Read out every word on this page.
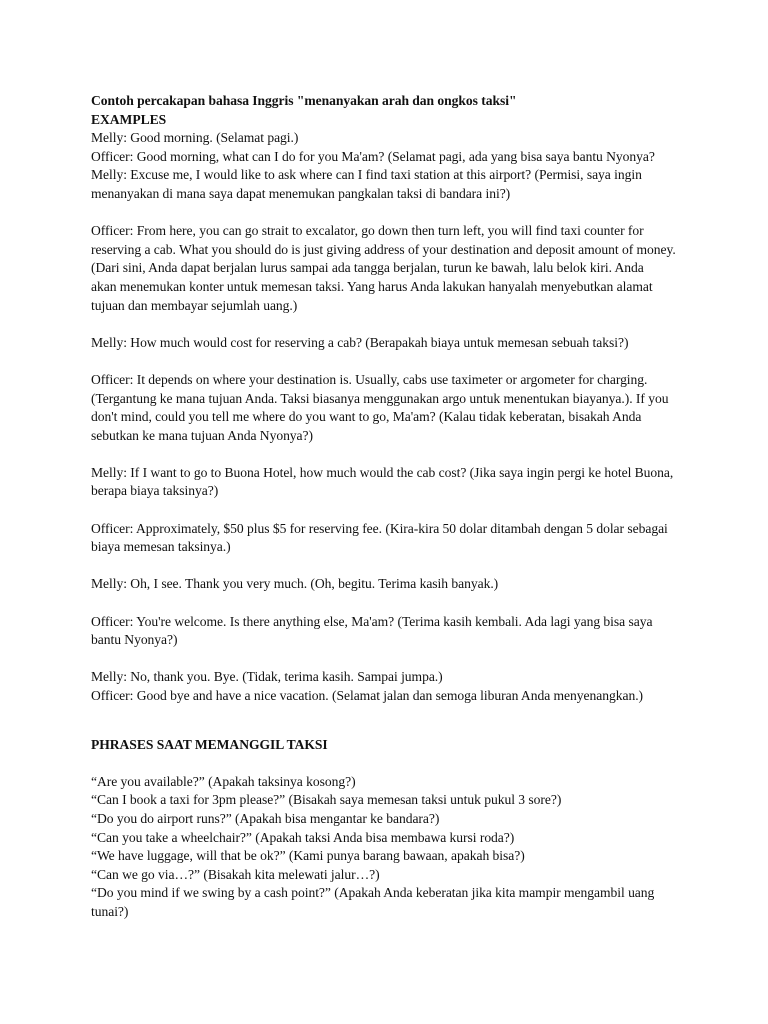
Contoh percakapan bahasa Inggris "menanyakan arah dan ongkos taksi"
EXAMPLES
Melly: Good morning. (Selamat pagi.)
Officer: Good morning, what can I do for you Ma'am? (Selamat pagi, ada yang bisa saya bantu Nyonya?
Melly: Excuse me, I would like to ask where can I find taxi station at this airport? (Permisi, saya ingin
menanyakan di mana saya dapat menemukan pangkalan taksi di bandara ini?)
Officer: From here, you can go strait to excalator, go down then turn left, you will find taxi counter for
reserving a cab. What you should do is just giving address of your destination and deposit amount of money.
(Dari sini, Anda dapat berjalan lurus sampai ada tangga berjalan, turun ke bawah, lalu belok kiri. Anda
akan menemukan konter untuk memesan taksi. Yang harus Anda lakukan hanyalah menyebutkan alamat
tujuan dan membayar sejumlah uang.)
Melly: How much would cost for reserving a cab? (Berapakah biaya untuk memesan sebuah taksi?)
Officer: It depends on where your destination is. Usually, cabs use taximeter or argometer for charging.
(Tergantung ke mana tujuan Anda. Taksi biasanya menggunakan argo untuk menentukan biayanya.). If you
don't mind, could you tell me where do you want to go, Ma'am? (Kalau tidak keberatan, bisakah Anda
sebutkan ke mana tujuan Anda Nyonya?)
Melly: If I want to go to Buona Hotel, how much would the cab cost? (Jika saya ingin pergi ke hotel Buona,
berapa biaya taksinya?)
Officer: Approximately, $50 plus $5 for reserving fee. (Kira-kira 50 dolar ditambah dengan 5 dolar sebagai
biaya memesan taksinya.)
Melly: Oh, I see. Thank you very much. (Oh, begitu. Terima kasih banyak.)
Officer: You're welcome. Is there anything else, Ma'am? (Terima kasih kembali. Ada lagi yang bisa saya
bantu Nyonya?)
Melly: No, thank you. Bye. (Tidak, terima kasih. Sampai jumpa.)
Officer: Good bye and have a nice vacation. (Selamat jalan dan semoga liburan Anda menyenangkan.)
PHRASES SAAT MEMANGGIL TAKSI
“Are you available?” (Apakah taksinya kosong?)
“Can I book a taxi for 3pm please?” (Bisakah saya memesan taksi untuk pukul 3 sore?)
“Do you do airport runs?” (Apakah bisa mengantar ke bandara?)
“Can you take a wheelchair?” (Apakah taksi Anda bisa membawa kursi roda?)
“We have luggage, will that be ok?” (Kami punya barang bawaan, apakah bisa?)
“Can we go via…?” (Bisakah kita melewati jalur…?)
“Do you mind if we swing by a cash point?” (Apakah Anda keberatan jika kita mampir mengambil uang
tunai?)
